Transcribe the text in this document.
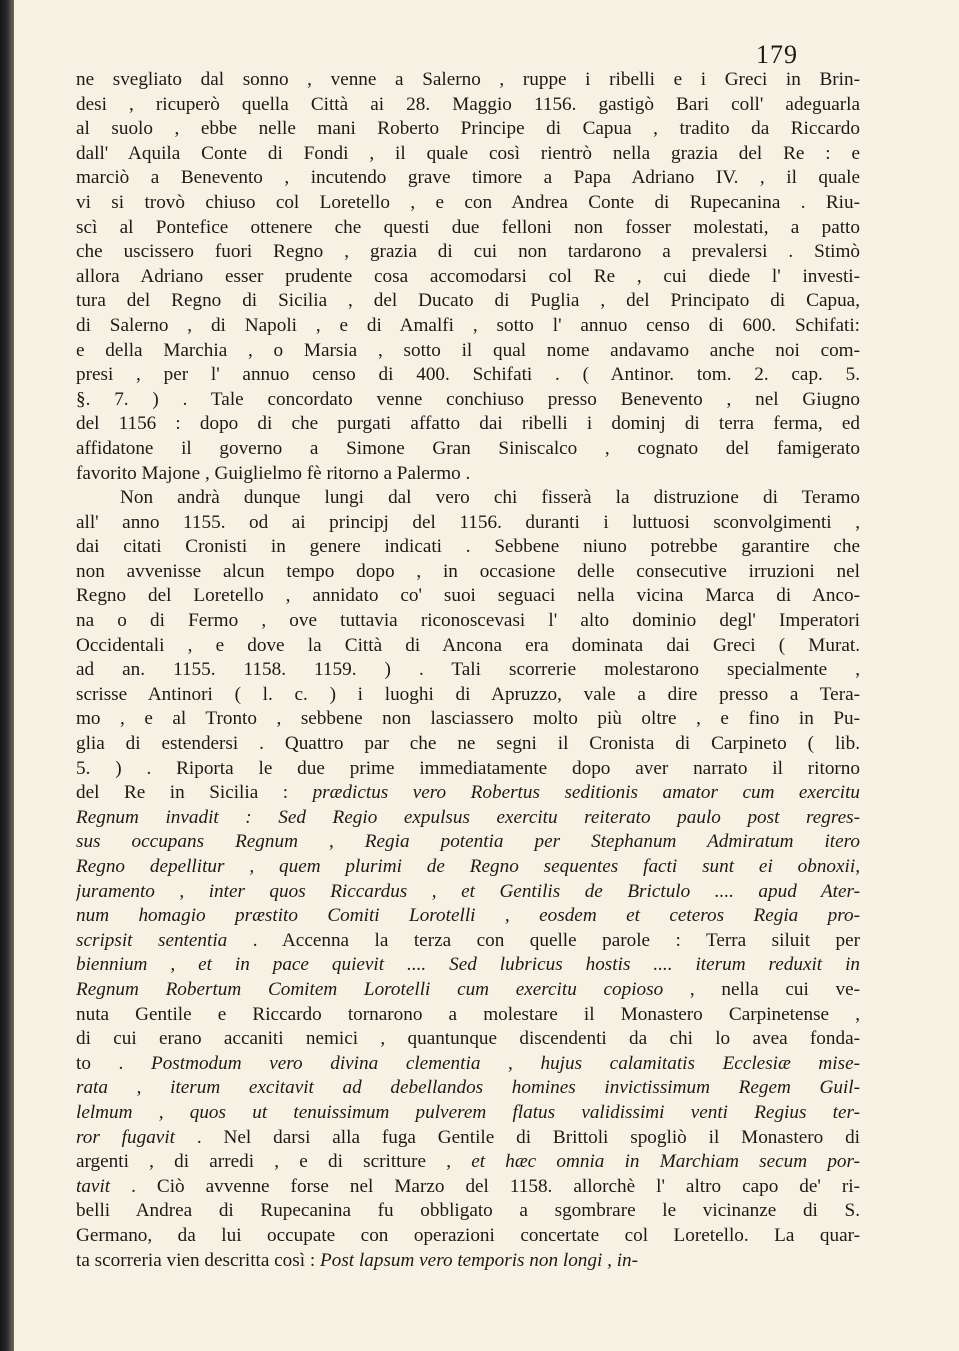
179
ne svegliato dal sonno , venne a Salerno , ruppe i ribelli e i Greci in Brin-
desi , ricuperò quella Città ai 28. Maggio 1156. gastigò Bari coll' adeguarla
al suolo , ebbe nelle mani Roberto Principe di Capua , tradito da Riccardo
dall' Aquila Conte di Fondi , il quale così rientrò nella grazia del Re : e
marciò a Benevento , incutendo grave timore a Papa Adriano IV. , il quale
vi si trovò chiuso col Loretello , e con Andrea Conte di Rupecanina . Riu-
scì al Pontefice ottenere che questi due felloni non fosser molestati, a patto
che uscissero fuori Regno , grazia di cui non tardarono a prevalersi . Stimò
allora Adriano esser prudente cosa accomodarsi col Re , cui diede l' investi-
tura del Regno di Sicilia , del Ducato di Puglia , del Principato di Capua,
di Salerno , di Napoli , e di Amalfi , sotto l' annuo censo di 600. Schifati:
e della Marchia , o Marsia , sotto il qual nome andavamo anche noi com-
presi , per l' annuo censo di 400. Schifati . ( Antinor. tom. 2. cap. 5.
§. 7. ) . Tale concordato venne conchiuso presso Benevento , nel Giugno
del 1156 : dopo di che purgati affatto dai ribelli i dominj di terra ferma, ed
affidatone il governo a Simone Gran Siniscalco , cognato del famigerato
favorito Majone , Guiglielmo fè ritorno a Palermo .
Non andrà dunque lungi dal vero chi fisserà la distruzione di Teramo
all' anno 1155. od ai principj del 1156. duranti i luttuosi sconvolgimenti ,
dai citati Cronisti in genere indicati . Sebbene niuno potrebbe garantire che
non avvenisse alcun tempo dopo , in occasione delle consecutive irruzioni nel
Regno del Loretello , annidato co' suoi seguaci nella vicina Marca di Anco-
na o di Fermo , ove tuttavia riconoscevasi l' alto dominio degl' Imperatori
Occidentali , e dove la Città di Ancona era dominata dai Greci ( Murat.
ad an. 1155. 1158. 1159. ) . Tali scorrerie molestarono specialmente ,
scrisse Antinori ( l. c. ) i luoghi di Apruzzo, vale a dire presso a Tera-
mo , e al Tronto , sebbene non lasciassero molto più oltre , e fino in Pu-
glia di estendersi . Quattro par che ne segni il Cronista di Carpineto ( lib.
5. ) . Riporta le due prime immediatamente dopo aver narrato il ritorno
del Re in Sicilia : prædictus vero Robertus seditionis amator cum exercitu
Regnum invadit : Sed Regio expulsus exercitu reiterato paulo post regres-
sus occupans Regnum , Regia potentia per Stephanum Admiratum itero
Regno depellitur , quem plurimi de Regno sequentes facti sunt ei obnoxii,
juramento , inter quos Riccardus , et Gentilis de Brictulo .... apud Ater-
num homagio præstito Comiti Lorotelli , eosdem et ceteros Regia pro-
scripsit sententia . Accenna la terza con quelle parole : Terra siluit per
biennium , et in pace quievit .... Sed lubricus hostis .... iterum reduxit in
Regnum Robertum Comitem Lorotelli cum exercitu copioso , nella cui ve-
nuta Gentile e Riccardo tornarono a molestare il Monastero Carpinetense ,
di cui erano accaniti nemici , quantunque discendenti da chi lo avea fonda-
to . Postmodum vero divina clementia , hujus calamitatis Ecclesiæ mise-
rata , iterum excitavit ad debellandos homines invictissimum Regem Guil-
lelmum , quos ut tenuissimum pulverem flatus validissimi venti Regius ter-
ror fugavit . Nel darsi alla fuga Gentile di Brittoli spogliò il Monastero di
argenti , di arredi , e di scritture , et hæc omnia in Marchiam secum por-
tavit . Ciò avvenne forse nel Marzo del 1158. allorchè l' altro capo de' ri-
belli Andrea di Rupecanina fu obbligato a sgombrare le vicinanze di S.
Germano, da lui occupate con operazioni concertate col Loretello. La quar-
ta scorreria vien descritta così : Post lapsum vero temporis non longi , in-
